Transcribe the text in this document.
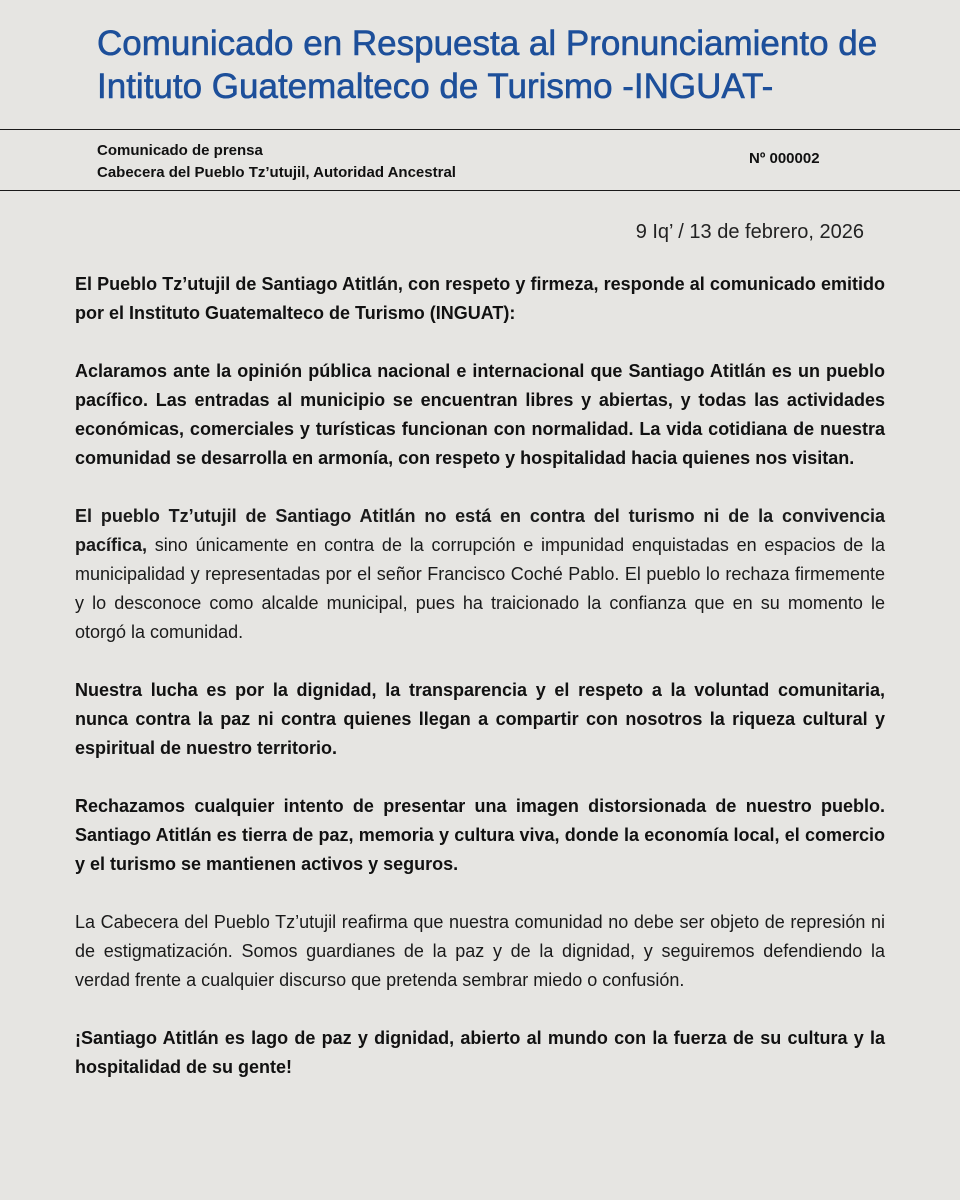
Comunicado en Respuesta al Pronunciamiento de Intituto Guatemalteco de Turismo -INGUAT-
Comunicado de prensa
Cabecera del Pueblo Tz’utujil, Autoridad Ancestral
Nº 000002
9 Iq’ / 13 de febrero, 2026

El Pueblo Tz’utujil de Santiago Atitlán, con respeto y firmeza, responde al comunicado emitido por el Instituto Guatemalteco de Turismo (INGUAT):

Aclaramos ante la opinión pública nacional e internacional que Santiago Atitlán es un pueblo pacífico. Las entradas al municipio se encuentran libres y abiertas, y todas las actividades económicas, comerciales y turísticas funcionan con normalidad. La vida cotidiana de nuestra comunidad se desarrolla en armonía, con respeto y hospitalidad hacia quienes nos visitan.

El pueblo Tz’utujil de Santiago Atitlán no está en contra del turismo ni de la convivencia pacífica, sino únicamente en contra de la corrupción e impunidad enquistadas en espacios de la municipalidad y representadas por el señor Francisco Coché Pablo. El pueblo lo rechaza firmemente y lo desconoce como alcalde municipal, pues ha traicionado la confianza que en su momento le otorgó la comunidad.

Nuestra lucha es por la dignidad, la transparencia y el respeto a la voluntad comunitaria, nunca contra la paz ni contra quienes llegan a compartir con nosotros la riqueza cultural y espiritual de nuestro territorio.

Rechazamos cualquier intento de presentar una imagen distorsionada de nuestro pueblo. Santiago Atitlán es tierra de paz, memoria y cultura viva, donde la economía local, el comercio y el turismo se mantienen activos y seguros.

La Cabecera del Pueblo Tz’utujil reafirma que nuestra comunidad no debe ser objeto de represión ni de estigmatización. Somos guardianes de la paz y de la dignidad, y seguiremos defendiendo la verdad frente a cualquier discurso que pretenda sembrar miedo o confusión.

¡Santiago Atitlán es lago de paz y dignidad, abierto al mundo con la fuerza de su cultura y la hospitalidad de su gente!
